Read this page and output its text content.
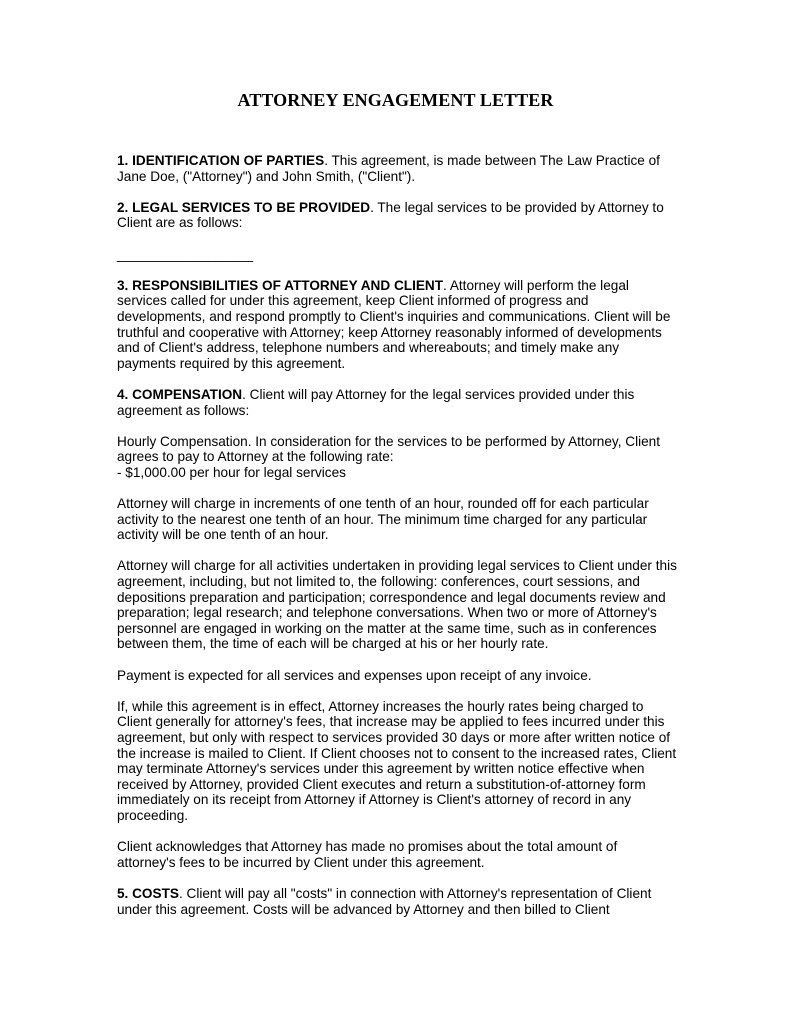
ATTORNEY ENGAGEMENT LETTER

1. IDENTIFICATION OF PARTIES. This agreement, is made between The Law Practice of Jane Doe, ("Attorney") and John Smith, ("Client").

2. LEGAL SERVICES TO BE PROVIDED. The legal services to be provided by Attorney to Client are as follows:

__________________

3. RESPONSIBILITIES OF ATTORNEY AND CLIENT. Attorney will perform the legal services called for under this agreement, keep Client informed of progress and developments, and respond promptly to Client's inquiries and communications. Client will be truthful and cooperative with Attorney; keep Attorney reasonably informed of developments and of Client's address, telephone numbers and whereabouts; and timely make any payments required by this agreement.

4. COMPENSATION. Client will pay Attorney for the legal services provided under this agreement as follows:

Hourly Compensation. In consideration for the services to be performed by Attorney, Client agrees to pay to Attorney at the following rate:
- $1,000.00 per hour for legal services

Attorney will charge in increments of one tenth of an hour, rounded off for each particular activity to the nearest one tenth of an hour. The minimum time charged for any particular activity will be one tenth of an hour.

Attorney will charge for all activities undertaken in providing legal services to Client under this agreement, including, but not limited to, the following: conferences, court sessions, and depositions preparation and participation; correspondence and legal documents review and preparation; legal research; and telephone conversations. When two or more of Attorney's personnel are engaged in working on the matter at the same time, such as in conferences between them, the time of each will be charged at his or her hourly rate.

Payment is expected for all services and expenses upon receipt of any invoice.

If, while this agreement is in effect, Attorney increases the hourly rates being charged to Client generally for attorney's fees, that increase may be applied to fees incurred under this agreement, but only with respect to services provided 30 days or more after written notice of the increase is mailed to Client. If Client chooses not to consent to the increased rates, Client may terminate Attorney's services under this agreement by written notice effective when received by Attorney, provided Client executes and return a substitution-of-attorney form immediately on its receipt from Attorney if Attorney is Client's attorney of record in any proceeding.

Client acknowledges that Attorney has made no promises about the total amount of attorney's fees to be incurred by Client under this agreement.

5. COSTS. Client will pay all "costs" in connection with Attorney's representation of Client under this agreement. Costs will be advanced by Attorney and then billed to Client
